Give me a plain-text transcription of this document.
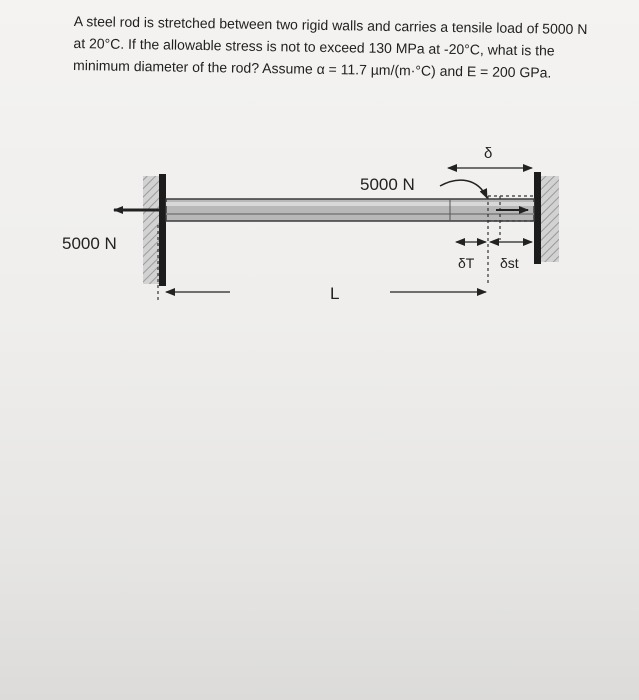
A steel rod is stretched between two rigid walls and carries a tensile load of 5000 N at 20°C. If the allowable stress is not to exceed 130 MPa at -20°C, what is the minimum diameter of the rod? Assume α = 11.7 µm/(m·°C) and E = 200 GPa.

5000 N
5000 N
δ
δT δst
L
